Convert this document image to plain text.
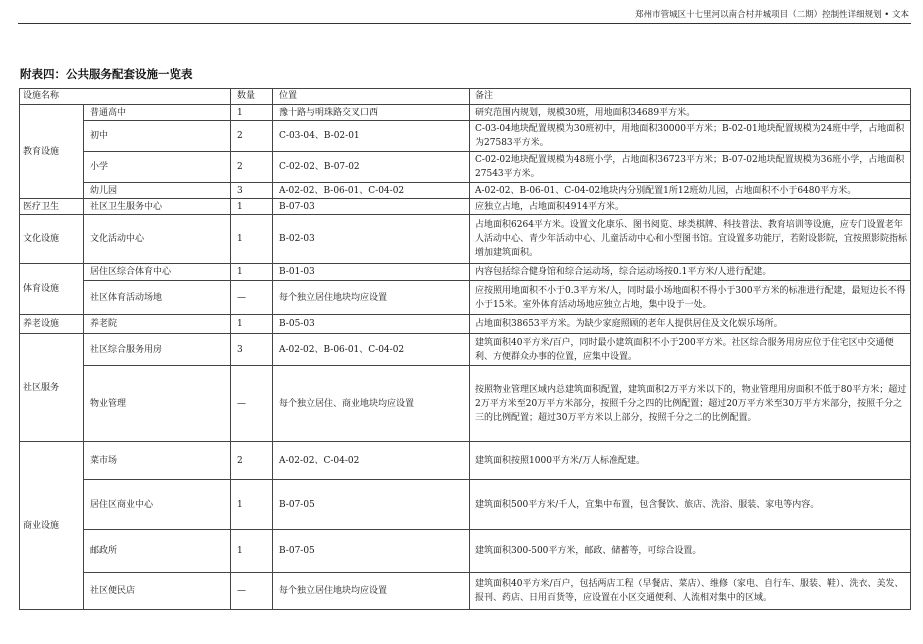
郑州市管城区十七里河以南合村并城项目（二期）控制性详细规划 • 文本
附表四：公共服务配套设施一览表
设施名称		数量	位置	备注
教育设施	普通高中	1	豫十路与明珠路交叉口西	研究范围内规划，规模30班，用地面积34689平方米。
	初中	2	C-03-04、B-02-01	C-03-04地块配置规模为30班初中，用地面积30000平方米；B-02-01地块配置规模为24班中学，占地面积为27583平方米。
	小学	2	C-02-02、B-07-02	C-02-02地块配置规模为48班小学，占地面积36723平方米；B-07-02地块配置规模为36班小学，占地面积27543平方米。
	幼儿园	3	A-02-02、B-06-01、C-04-02	A-02-02、B-06-01、C-04-02地块内分别配置1所12班幼儿园，占地面积不小于6480平方米。
医疗卫生	社区卫生服务中心	1	B-07-03	应独立占地，占地面积4914平方米。
文化设施	文化活动中心	1	B-02-03	占地面积6264平方米。设置文化康乐、图书阅览、球类棋牌、科技普法、教育培训等设施，应专门设置老年人活动中心、青少年活动中心、儿童活动中心和小型图书馆。宜设置多功能厅，若附设影院，宜按照影院指标增加建筑面积。
体育设施	居住区综合体育中心	1	B-01-03	内容包括综合健身馆和综合运动场，综合运动场按0.1平方米/人进行配建。
	社区体育活动场地	—	每个独立居住地块均应设置	应按照用地面积不小于0.3平方米/人，同时最小场地面积不得小于300平方米的标准进行配建，最短边长不得小于15米。室外体育活动场地应独立占地，集中设于一处。
养老设施	养老院	1	B-05-03	占地面积38653平方米。为缺少家庭照顾的老年人提供居住及文化娱乐场所。
社区服务	社区综合服务用房	3	A-02-02、B-06-01、C-04-02	建筑面积40平方米/百户，同时最小建筑面积不小于200平方米。社区综合服务用房应位于住宅区中交通便利、方便群众办事的位置，应集中设置。
	物业管理	—	每个独立居住、商业地块均应设置	按照物业管理区域内总建筑面积配置，建筑面积2万平方米以下的，物业管理用房面积不低于80平方米；超过2万平方米至20万平方米部分，按照千分之四的比例配置；超过20万平方米至30万平方米部分，按照千分之三的比例配置；超过30万平方米以上部分，按照千分之二的比例配置。
商业设施	菜市场	2	A-02-02、C-04-02	建筑面积按照1000平方米/万人标准配建。
	居住区商业中心	1	B-07-05	建筑面积500平方米/千人，宜集中布置，包含餐饮、旅店、洗浴、服装、家电等内容。
	邮政所	1	B-07-05	建筑面积300-500平方米，邮政、储蓄等，可综合设置。
	社区便民店	—	每个独立居住地块均应设置	建筑面积40平方米/百户，包括两店工程（早餐店、菜店）、维修（家电、自行车、服装、鞋）、洗衣、美发、报刊、药店、日用百货等，应设置在小区交通便利、人流相对集中的区域。
